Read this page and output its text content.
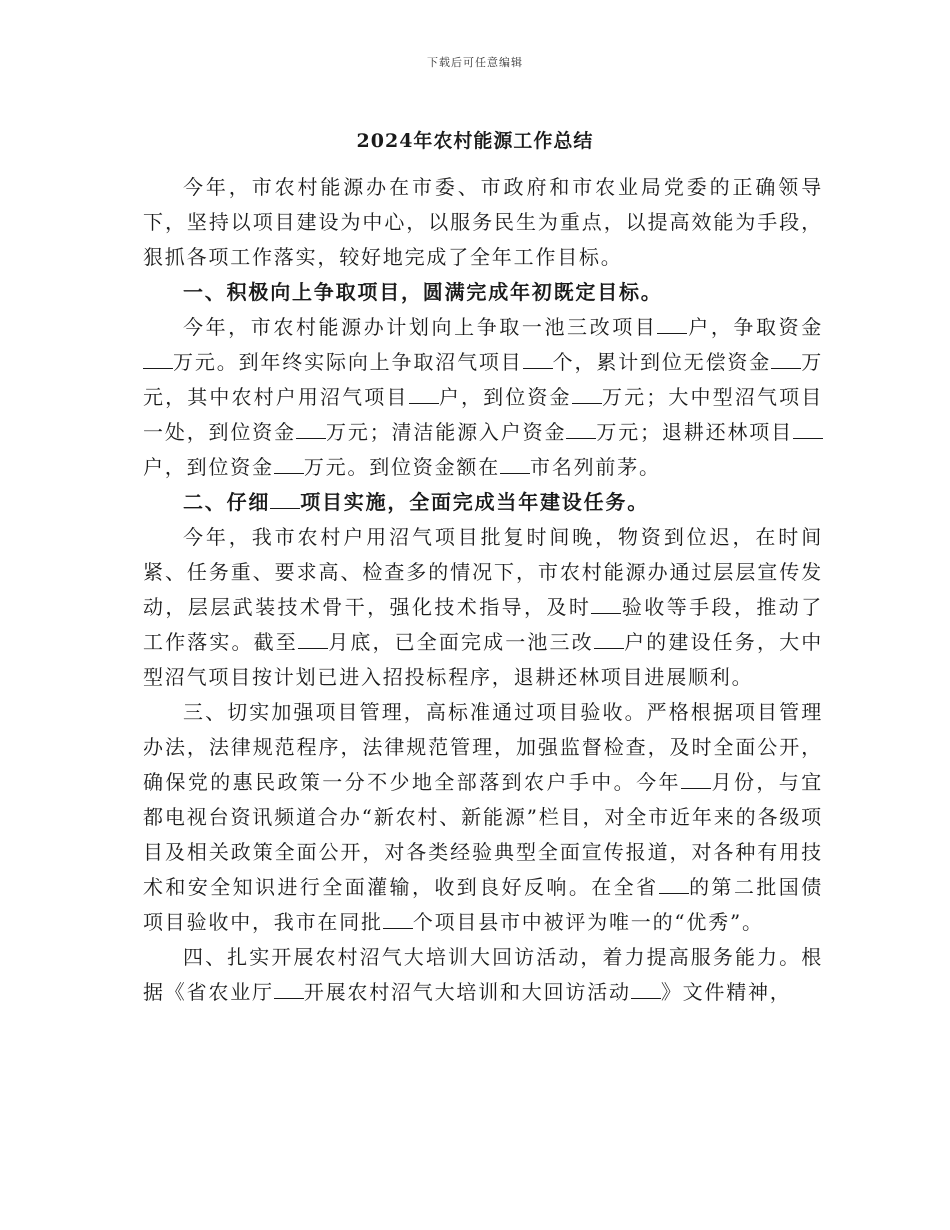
下载后可任意编辑
2024年农村能源工作总结

今年，市农村能源办在市委、市政府和市农业局党委的正确领导下，坚持以项目建设为中心，以服务民生为重点，以提高效能为手段，狠抓各项工作落实，较好地完成了全年工作目标。

一、积极向上争取项目，圆满完成年初既定目标。

今年，市农村能源办计划向上争取一池三改项目 户，争取资金万元。到年终实际向上争取沼气项目 个，累计到位无偿资金 万元，其中农村户用沼气项目 户，到位资金 万元；大中型沼气项目一处，到位资金 万元；清洁能源入户资金 万元；退耕还林项目户，到位资金 万元。到位资金额在 市名列前茅。

二、仔细 项目实施，全面完成当年建设任务。

今年，我市农村户用沼气项目批复时间晚，物资到位迟，在时间紧、任务重、要求高、检查多的情况下，市农村能源办通过层层宣传发动，层层武装技术骨干，强化技术指导，及时 验收等手段，推动了工作落实。截至 月底，已全面完成一池三改 户的建设任务，大中型沼气项目按计划已进入招投标程序，退耕还林项目进展顺利。

三、切实加强项目管理，高标准通过项目验收。严格根据项目管理办法，法律规范程序，法律规范管理，加强监督检查，及时全面公开，确保党的惠民政策一分不少地全部落到农户手中。今年 月份，与宜都电视台资讯频道合办“新农村、新能源”栏目，对全市近年来的各级项目及相关政策全面公开，对各类经验典型全面宣传报道，对各种有用技术和安全知识进行全面灌输，收到良好反响。在全省 的第二批国债项目验收中，我市在同批 个项目县市中被评为唯一的“优秀”。

四、扎实开展农村沼气大培训大回访活动，着力提高服务能力。根据《省农业厅 开展农村沼气大培训和大回访活动 》文件精神，
